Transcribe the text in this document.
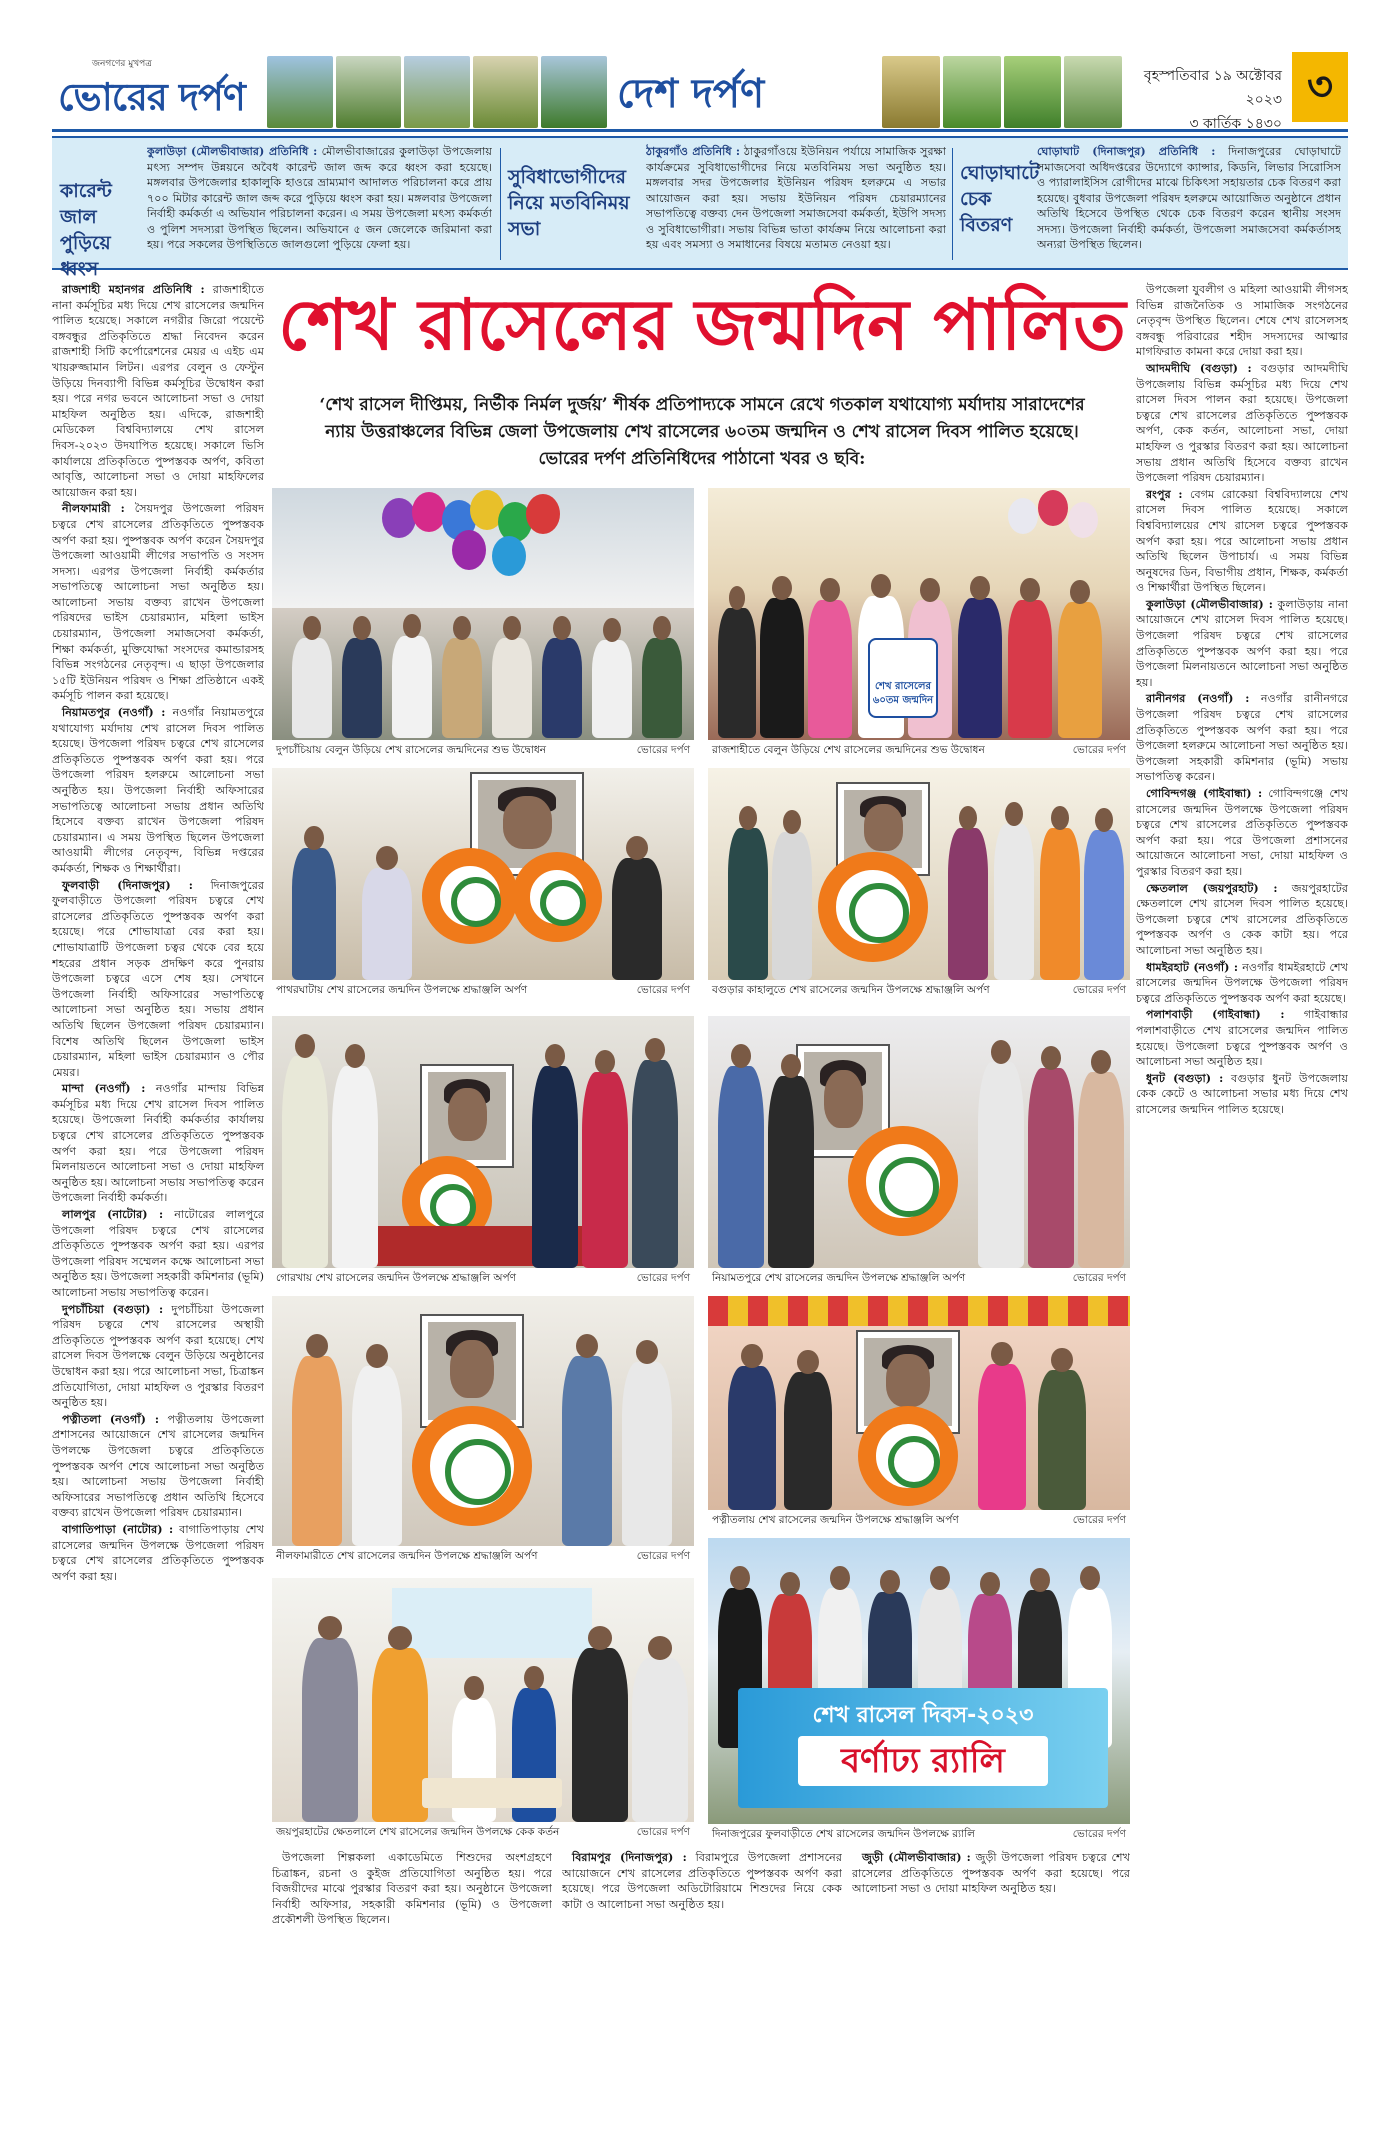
জনগণের মুখপত্র
ভোরের দর্পণ	দেশ দর্পণ	বৃহস্পতিবার ১৯ অক্টোবর ২০২৩
৩ কার্তিক ১৪৩০
৩
কারেন্ট জাল পুড়িয়ে ধ্বংস
কুলাউড়া (মৌলভীবাজার) প্রতিনিধি : মৌলভীবাজারের কুলাউড়া উপজেলায় মৎস্য সম্পদ উন্নয়নে অবৈধ কারেন্ট জাল জব্দ করে ধ্বংস করা হয়েছে। মঙ্গলবার উপজেলার হাকালুকি হাওরে ভ্রাম্যমাণ আদালত পরিচালনা করে প্রায় ৭০০ মিটার কারেন্ট জাল জব্দ করে পুড়িয়ে ধ্বংস করা হয়। মঙ্গলবার উপজেলা নির্বাহী কর্মকর্তা এ অভিযান পরিচালনা করেন। এ সময় উপজেলা মৎস্য কর্মকর্তা ও পুলিশ সদস্যরা উপস্থিত ছিলেন। অভিযানে ৫ জন জেলেকে জরিমানা করা হয়। পরে সকলের উপস্থিতিতে জালগুলো পুড়িয়ে ফেলা হয়।
সুবিধাভোগীদের নিয়ে মতবিনিময় সভা
ঠাকুরগাঁও প্রতিনিধি : ঠাকুরগাঁওয়ে ইউনিয়ন পর্যায়ে সামাজিক সুরক্ষা কার্যক্রমের সুবিধাভোগীদের নিয়ে মতবিনিময় সভা অনুষ্ঠিত হয়। মঙ্গলবার সদর উপজেলার ইউনিয়ন পরিষদ হলরুমে এ সভার আয়োজন করা হয়। সভায় ইউনিয়ন পরিষদ চেয়ারম্যানের সভাপতিত্বে বক্তব্য দেন উপজেলা সমাজসেবা কর্মকর্তা, ইউপি সদস্য ও সুবিধাভোগীরা। সভায় বিভিন্ন ভাতা কার্যক্রম নিয়ে আলোচনা করা হয় এবং সমস্যা ও সমাধানের বিষয়ে মতামত নেওয়া হয়।
ঘোড়াঘাটে চেক বিতরণ
ঘোড়াঘাট (দিনাজপুর) প্রতিনিধি : দিনাজপুরের ঘোড়াঘাটে সমাজসেবা অধিদপ্তরের উদ্যোগে ক্যান্সার, কিডনি, লিভার সিরোসিস ও প্যারালাইসিস রোগীদের মাঝে চিকিৎসা সহায়তার চেক বিতরণ করা হয়েছে। বুধবার উপজেলা পরিষদ হলরুমে আয়োজিত অনুষ্ঠানে প্রধান অতিথি হিসেবে উপস্থিত থেকে চেক বিতরণ করেন স্থানীয় সংসদ সদস্য। উপজেলা নির্বাহী কর্মকর্তা, উপজেলা সমাজসেবা কর্মকর্তাসহ অন্যরা উপস্থিত ছিলেন।

রাজশাহী মহানগর প্রতিনিধি : রাজশাহীতে নানা কর্মসূচির মধ্য দিয়ে শেখ রাসেলের জন্মদিন পালিত হয়েছে। সকালে নগরীর জিরো পয়েন্টে বঙ্গবন্ধুর প্রতিকৃতিতে শ্রদ্ধা নিবেদন করেন রাজশাহী সিটি কর্পোরেশনের মেয়র এ এইচ এম খায়রুজ্জামান লিটন। এরপর বেলুন ও ফেস্টুন উড়িয়ে দিনব্যাপী বিভিন্ন কর্মসূচির উদ্বোধন করা হয়। পরে নগর ভবনে আলোচনা সভা ও দোয়া মাহফিল অনুষ্ঠিত হয়। এদিকে, রাজশাহী মেডিকেল বিশ্ববিদ্যালয়ে শেখ রাসেল দিবস-২০২৩ উদযাপিত হয়েছে। সকালে ভিসি কার্যালয়ে প্রতিকৃতিতে পুষ্পস্তবক অর্পণ, কবিতা আবৃত্তি, আলোচনা সভা ও দোয়া মাহফিলের আয়োজন করা হয়।

নীলফামারী : সৈয়দপুর উপজেলা পরিষদ চত্বরে শেখ রাসেলের প্রতিকৃতিতে পুষ্পস্তবক অর্পণ করা হয়। পুষ্পস্তবক অর্পণ করেন সৈয়দপুর উপজেলা আওয়ামী লীগের সভাপতি ও সংসদ সদস্য। এরপর উপজেলা নির্বাহী কর্মকর্তার সভাপতিত্বে আলোচনা সভা অনুষ্ঠিত হয়। আলোচনা সভায় বক্তব্য রাখেন উপজেলা পরিষদের ভাইস চেয়ারম্যান, মহিলা ভাইস চেয়ারম্যান, উপজেলা সমাজসেবা কর্মকর্তা, শিক্ষা কর্মকর্তা, মুক্তিযোদ্ধা সংসদের কমান্ডারসহ বিভিন্ন সংগঠনের নেতৃবৃন্দ। এ ছাড়া উপজেলার ১৫টি ইউনিয়ন পরিষদ ও শিক্ষা প্রতিষ্ঠানে একই কর্মসূচি পালন করা হয়েছে।

নিয়ামতপুর (নওগাঁ) : নওগাঁর নিয়ামতপুরে যথাযোগ্য মর্যাদায় শেখ রাসেল দিবস পালিত হয়েছে। উপজেলা পরিষদ চত্বরে শেখ রাসেলের প্রতিকৃতিতে পুষ্পস্তবক অর্পণ করা হয়। পরে উপজেলা পরিষদ হলরুমে আলোচনা সভা অনুষ্ঠিত হয়। উপজেলা নির্বাহী অফিসারের সভাপতিত্বে আলোচনা সভায় প্রধান অতিথি হিসেবে বক্তব্য রাখেন উপজেলা পরিষদ চেয়ারম্যান। এ সময় উপস্থিত ছিলেন উপজেলা আওয়ামী লীগের নেতৃবৃন্দ, বিভিন্ন দপ্তরের কর্মকর্তা, শিক্ষক ও শিক্ষার্থীরা।

ফুলবাড়ী (দিনাজপুর) : দিনাজপুরের ফুলবাড়ীতে উপজেলা পরিষদ চত্বরে শেখ রাসেলের প্রতিকৃতিতে পুষ্পস্তবক অর্পণ করা হয়েছে। পরে শোভাযাত্রা বের করা হয়। শোভাযাত্রাটি উপজেলা চত্বর থেকে বের হয়ে শহরের প্রধান সড়ক প্রদক্ষিণ করে পুনরায় উপজেলা চত্বরে এসে শেষ হয়। সেখানে উপজেলা নির্বাহী অফিসারের সভাপতিত্বে আলোচনা সভা অনুষ্ঠিত হয়। সভায় প্রধান অতিথি ছিলেন উপজেলা পরিষদ চেয়ারম্যান। বিশেষ অতিথি ছিলেন উপজেলা ভাইস চেয়ারম্যান, মহিলা ভাইস চেয়ারম্যান ও পৌর মেয়র।

মান্দা (নওগাঁ) : নওগাঁর মান্দায় বিভিন্ন কর্মসূচির মধ্য দিয়ে শেখ রাসেল দিবস পালিত হয়েছে। উপজেলা নির্বাহী কর্মকর্তার কার্যালয় চত্বরে শেখ রাসেলের প্রতিকৃতিতে পুষ্পস্তবক অর্পণ করা হয়। পরে উপজেলা পরিষদ মিলনায়তনে আলোচনা সভা ও দোয়া মাহফিল অনুষ্ঠিত হয়। আলোচনা সভায় সভাপতিত্ব করেন উপজেলা নির্বাহী কর্মকর্তা।

লালপুর (নাটোর) : নাটোরের লালপুরে উপজেলা পরিষদ চত্বরে শেখ রাসেলের প্রতিকৃতিতে পুষ্পস্তবক অর্পণ করা হয়। এরপর উপজেলা পরিষদ সম্মেলন কক্ষে আলোচনা সভা অনুষ্ঠিত হয়। উপজেলা সহকারী কমিশনার (ভূমি) আলোচনা সভায় সভাপতিত্ব করেন।

দুপচাঁচিয়া (বগুড়া) : দুপচাঁচিয়া উপজেলা পরিষদ চত্বরে শেখ রাসেলের অস্থায়ী প্রতিকৃতিতে পুষ্পস্তবক অর্পণ করা হয়েছে। শেখ রাসেল দিবস উপলক্ষে বেলুন উড়িয়ে অনুষ্ঠানের উদ্বোধন করা হয়। পরে আলোচনা সভা, চিত্রাঙ্কন প্রতিযোগিতা, দোয়া মাহফিল ও পুরস্কার বিতরণ অনুষ্ঠিত হয়।

পত্নীতলা (নওগাঁ) : পত্নীতলায় উপজেলা প্রশাসনের আয়োজনে শেখ রাসেলের জন্মদিন উপলক্ষে উপজেলা চত্বরে প্রতিকৃতিতে পুষ্পস্তবক অর্পণ শেষে আলোচনা সভা অনুষ্ঠিত হয়। আলোচনা সভায় উপজেলা নির্বাহী অফিসারের সভাপতিত্বে প্রধান অতিথি হিসেবে বক্তব্য রাখেন উপজেলা পরিষদ চেয়ারম্যান।

বাগাতিপাড়া (নাটোর) : বাগাতিপাড়ায় শেখ রাসেলের জন্মদিন উপলক্ষে উপজেলা পরিষদ চত্বরে শেখ রাসেলের প্রতিকৃতিতে পুষ্পস্তবক অর্পণ করা হয়।

উপজেলা যুবলীগ ও মহিলা আওয়ামী লীগসহ বিভিন্ন রাজনৈতিক ও সামাজিক সংগঠনের নেতৃবৃন্দ উপস্থিত ছিলেন। শেষে শেখ রাসেলসহ বঙ্গবন্ধু পরিবারের শহীদ সদস্যদের আত্মার মাগফিরাত কামনা করে দোয়া করা হয়।

আদমদীঘি (বগুড়া) : বগুড়ার আদমদীঘি উপজেলায় বিভিন্ন কর্মসূচির মধ্য দিয়ে শেখ রাসেল দিবস পালন করা হয়েছে। উপজেলা চত্বরে শেখ রাসেলের প্রতিকৃতিতে পুষ্পস্তবক অর্পণ, কেক কর্তন, আলোচনা সভা, দোয়া মাহফিল ও পুরস্কার বিতরণ করা হয়। আলোচনা সভায় প্রধান অতিথি হিসেবে বক্তব্য রাখেন উপজেলা পরিষদ চেয়ারম্যান।

রংপুর : বেগম রোকেয়া বিশ্ববিদ্যালয়ে শেখ রাসেল দিবস পালিত হয়েছে। সকালে বিশ্ববিদ্যালয়ের শেখ রাসেল চত্বরে পুষ্পস্তবক অর্পণ করা হয়। পরে আলোচনা সভায় প্রধান অতিথি ছিলেন উপাচার্য। এ সময় বিভিন্ন অনুষদের ডিন, বিভাগীয় প্রধান, শিক্ষক, কর্মকর্তা ও শিক্ষার্থীরা উপস্থিত ছিলেন।

কুলাউড়া (মৌলভীবাজার) : কুলাউড়ায় নানা আয়োজনে শেখ রাসেল দিবস পালিত হয়েছে। উপজেলা পরিষদ চত্বরে শেখ রাসেলের প্রতিকৃতিতে পুষ্পস্তবক অর্পণ করা হয়। পরে উপজেলা মিলনায়তনে আলোচনা সভা অনুষ্ঠিত হয়।

রানীনগর (নওগাঁ) : নওগাঁর রানীনগরে উপজেলা পরিষদ চত্বরে শেখ রাসেলের প্রতিকৃতিতে পুষ্পস্তবক অর্পণ করা হয়। পরে উপজেলা হলরুমে আলোচনা সভা অনুষ্ঠিত হয়। উপজেলা সহকারী কমিশনার (ভূমি) সভায় সভাপতিত্ব করেন।

গোবিন্দগঞ্জ (গাইবান্ধা) : গোবিন্দগঞ্জে শেখ রাসেলের জন্মদিন উপলক্ষে উপজেলা পরিষদ চত্বরে শেখ রাসেলের প্রতিকৃতিতে পুষ্পস্তবক অর্পণ করা হয়। পরে উপজেলা প্রশাসনের আয়োজনে আলোচনা সভা, দোয়া মাহফিল ও পুরস্কার বিতরণ করা হয়।

ক্ষেতলাল (জয়পুরহাট) : জয়পুরহাটের ক্ষেতলালে শেখ রাসেল দিবস পালিত হয়েছে। উপজেলা চত্বরে শেখ রাসেলের প্রতিকৃতিতে পুষ্পস্তবক অর্পণ ও কেক কাটা হয়। পরে আলোচনা সভা অনুষ্ঠিত হয়।

ধামইরহাট (নওগাঁ) : নওগাঁর ধামইরহাটে শেখ রাসেলের জন্মদিন উপলক্ষে উপজেলা পরিষদ চত্বরে প্রতিকৃতিতে পুষ্পস্তবক অর্পণ করা হয়েছে।

পলাশবাড়ী (গাইবান্ধা) : গাইবান্ধার পলাশবাড়ীতে শেখ রাসেলের জন্মদিন পালিত হয়েছে। উপজেলা চত্বরে পুষ্পস্তবক অর্পণ ও আলোচনা সভা অনুষ্ঠিত হয়।

ধুনট (বগুড়া) : বগুড়ার ধুনট উপজেলায় কেক কেটে ও আলোচনা সভার মধ্য দিয়ে শেখ রাসেলের জন্মদিন পালিত হয়েছে।

শেখ রাসেলের জন্মদিন পালিত
‘শেখ রাসেল দীপ্তিময়, নির্ভীক নির্মল দুর্জয়’ শীর্ষক প্রতিপাদ্যকে সামনে রেখে গতকাল যথাযোগ্য মর্যাদায় সারাদেশের
ন্যায় উত্তরাঞ্চলের বিভিন্ন জেলা উপজেলায় শেখ রাসেলের ৬০তম জন্মদিন ও শেখ রাসেল দিবস পালিত হয়েছে।
ভোরের দর্পণ প্রতিনিধিদের পাঠানো খবর ও ছবি:
দুপচাঁচিয়ায় বেলুন উড়িয়ে শেখ রাসেলের জন্মদিনের শুভ উদ্বোধন	ভোরের দর্পণ
শেখ রাসেলের ৬০তম জন্মদিন
রাজশাহীতে বেলুন উড়িয়ে শেখ রাসেলের জন্মদিনের শুভ উদ্বোধন	ভোরের দর্পণ
পাথরঘাটায় শেখ রাসেলের জন্মদিন উপলক্ষে শ্রদ্ধাঞ্জলি অর্পণ	ভোরের দর্পণ বগুড়ার কাহালুতে শেখ রাসেলের জন্মদিন উপলক্ষে শ্রদ্ধাঞ্জলি অর্পণ	ভোরের দর্পণ
গোরখায় শেখ রাসেলের জন্মদিন উপলক্ষে শ্রদ্ধাঞ্জলি অর্পণ	ভোরের দর্পণ নিয়ামতপুরে শেখ রাসেলের জন্মদিন উপলক্ষে শ্রদ্ধাঞ্জলি অর্পণ	ভোরের দর্পণ
নীলফামারীতে শেখ রাসেলের জন্মদিন উপলক্ষে শ্রদ্ধাঞ্জলি অর্পণ	ভোরের দর্পণ
পত্নীতলায় শেখ রাসেলের জন্মদিন উপলক্ষে শ্রদ্ধাঞ্জলি অর্পণ	ভোরের দর্পণ
জয়পুরহাটের ক্ষেতলালে শেখ রাসেলের জন্মদিন উপলক্ষে কেক কর্তন	ভোরের দর্পণ
শেখ রাসেল দিবস-২০২৩
বর্ণাঢ্য র‍্যালি
দিনাজপুরের ফুলবাড়ীতে শেখ রাসেলের জন্মদিন উপলক্ষে র‍্যালি	ভোরের দর্পণ

উপজেলা শিল্পকলা একাডেমিতে শিশুদের অংশগ্রহণে চিত্রাঙ্কন, রচনা ও কুইজ প্রতিযোগিতা অনুষ্ঠিত হয়। পরে বিজয়ীদের মাঝে পুরস্কার বিতরণ করা হয়। অনুষ্ঠানে উপজেলা নির্বাহী অফিসার, সহকারী কমিশনার (ভূমি) ও উপজেলা প্রকৌশলী উপস্থিত ছিলেন।

বিরামপুর (দিনাজপুর) : বিরামপুরে উপজেলা প্রশাসনের আয়োজনে শেখ রাসেলের প্রতিকৃতিতে পুষ্পস্তবক অর্পণ করা হয়েছে। পরে উপজেলা অডিটোরিয়ামে শিশুদের নিয়ে কেক কাটা ও আলোচনা সভা অনুষ্ঠিত হয়।

জুড়ী (মৌলভীবাজার) : জুড়ী উপজেলা পরিষদ চত্বরে শেখ রাসেলের প্রতিকৃতিতে পুষ্পস্তবক অর্পণ করা হয়েছে। পরে আলোচনা সভা ও দোয়া মাহফিল অনুষ্ঠিত হয়।
